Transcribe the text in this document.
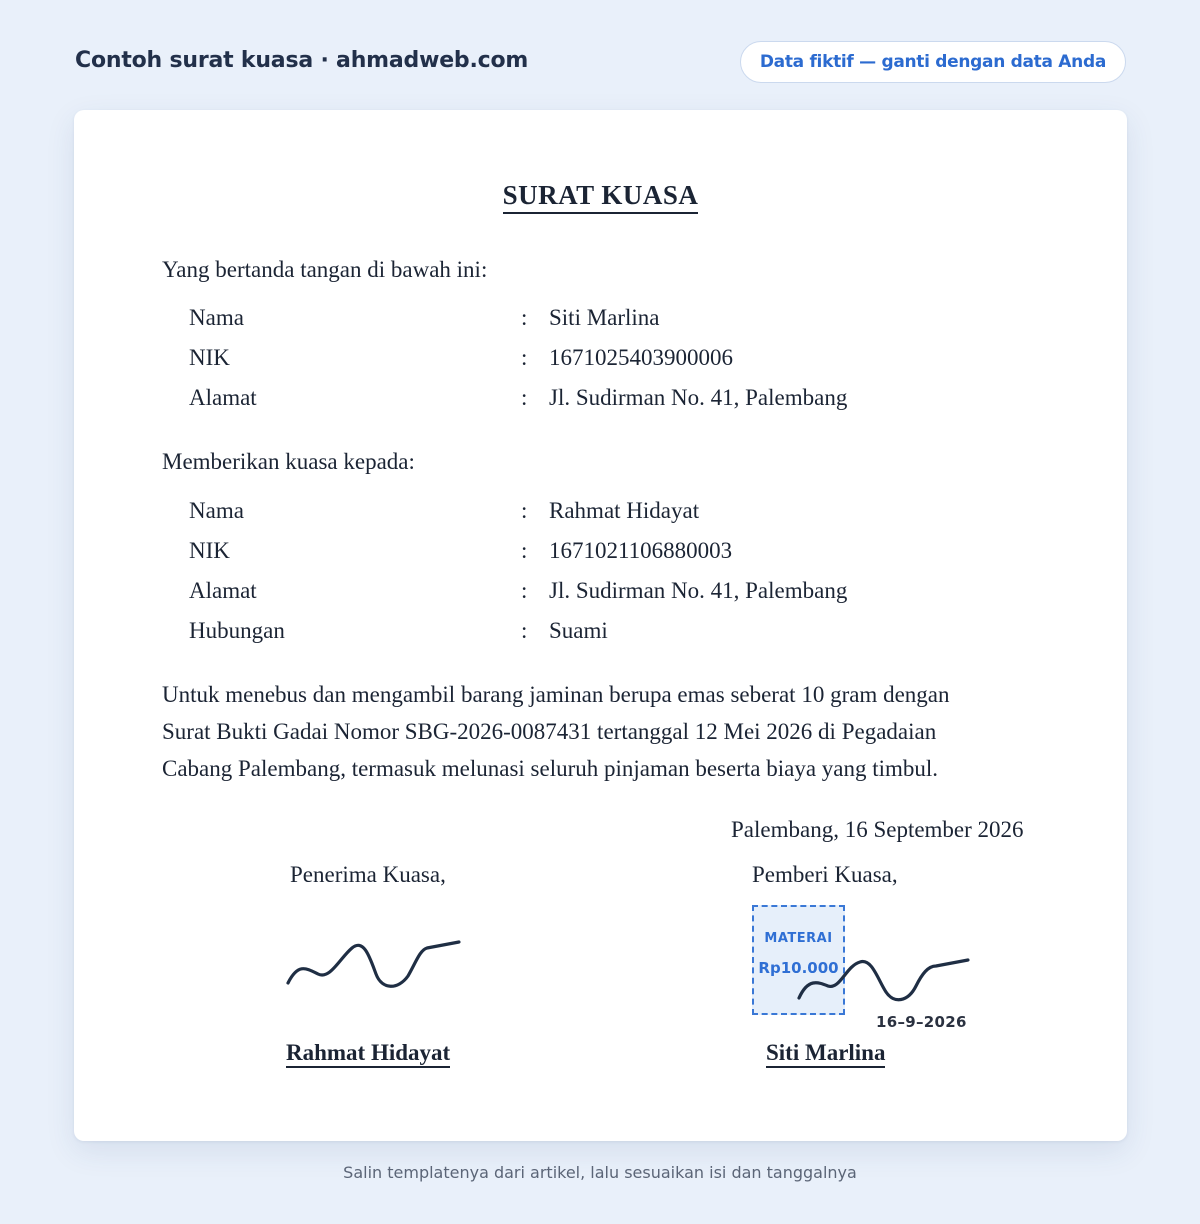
Contoh surat kuasa · ahmadweb.com	Data fiktif — ganti dengan data Anda
SURAT KUASA
Yang bertanda tangan di bawah ini:
Nama	: Siti Marlina
NIK	: 1671025403900006
Alamat	: Jl. Sudirman No. 41, Palembang
Memberikan kuasa kepada:
Nama	: Rahmat Hidayat
NIK	: 1671021106880003
Alamat	: Jl. Sudirman No. 41, Palembang
Hubungan	: Suami
Untuk menebus dan mengambil barang jaminan berupa emas seberat 10 gram dengan
Surat Bukti Gadai Nomor SBG-2026-0087431 tertanggal 12 Mei 2026 di Pegadaian
Cabang Palembang, termasuk melunasi seluruh pinjaman beserta biaya yang timbul.
Palembang, 16 September 2026
Penerima Kuasa,	Pemberi Kuasa,
MATERAI
Rp10.000
16–9–2026
Rahmat Hidayat	Siti Marlina
Salin templatenya dari artikel, lalu sesuaikan isi dan tanggalnya
